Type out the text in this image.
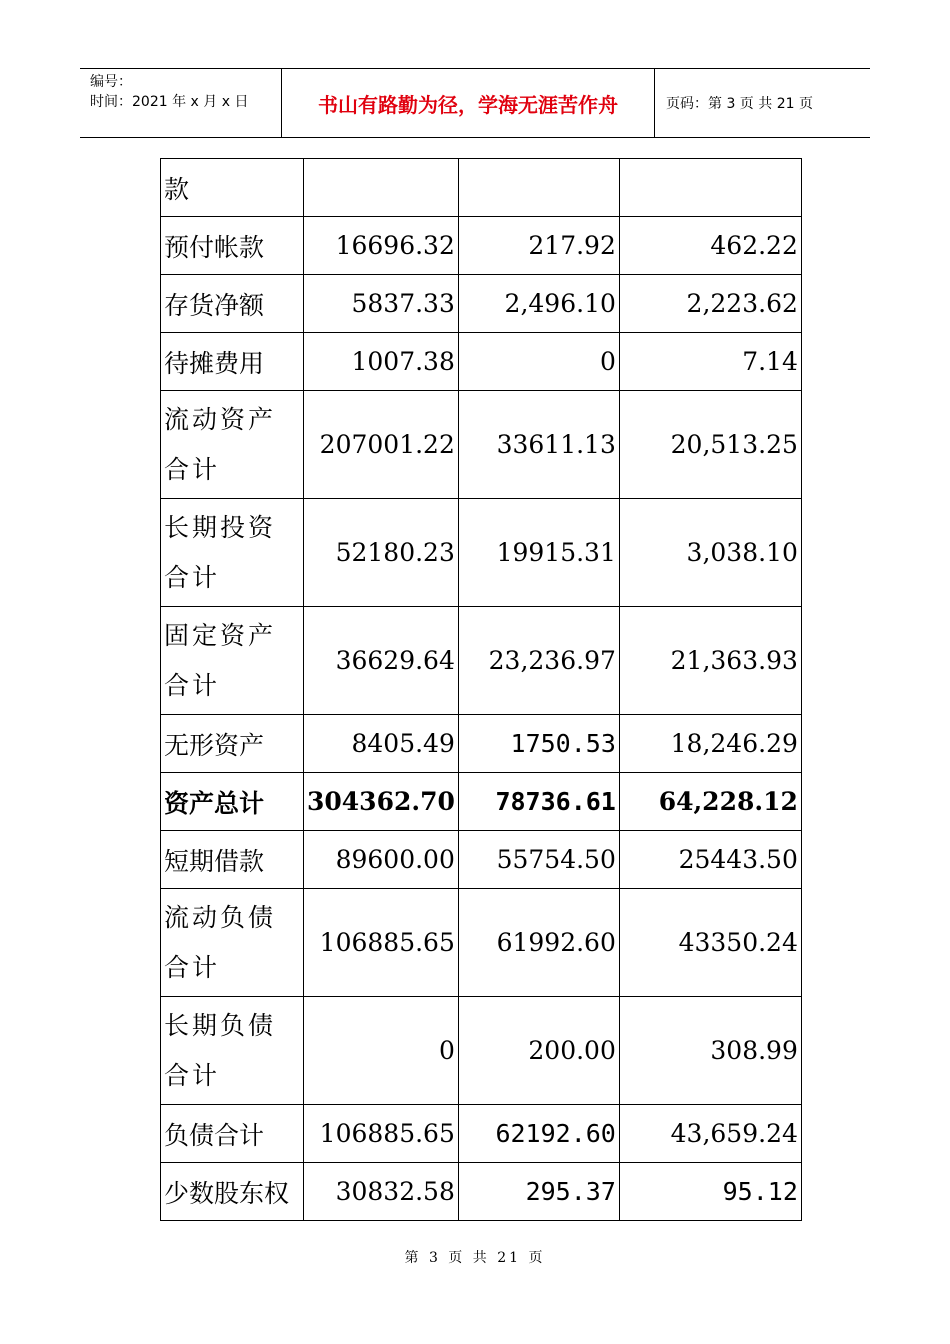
编号：
时间：2021 年 x 月 x 日	书山有路勤为径，学海无涯苦作舟	页码：第 3 页 共 21 页
款			
预付帐款	16696.32	217.92	462.22
存货净额	5837.33	2,496.10	2,223.62
待摊费用	1007.38	0	7.14
流动资产合计	207001.22	33611.13	20,513.25
长期投资合计	52180.23	19915.31	3,038.10
固定资产合计	36629.64	23,236.97	21,363.93
无形资产	8405.49	1750.53	18,246.29
资产总计	304362.70	78736.61	64,228.12
短期借款	89600.00	55754.50	25443.50
流动负债合计	106885.65	61992.60	43350.24
长期负债合计	0	200.00	308.99
负债合计	106885.65	62192.60	43,659.24
少数股东权	30832.58	295.37	95.12
第 3 页 共 21 页
